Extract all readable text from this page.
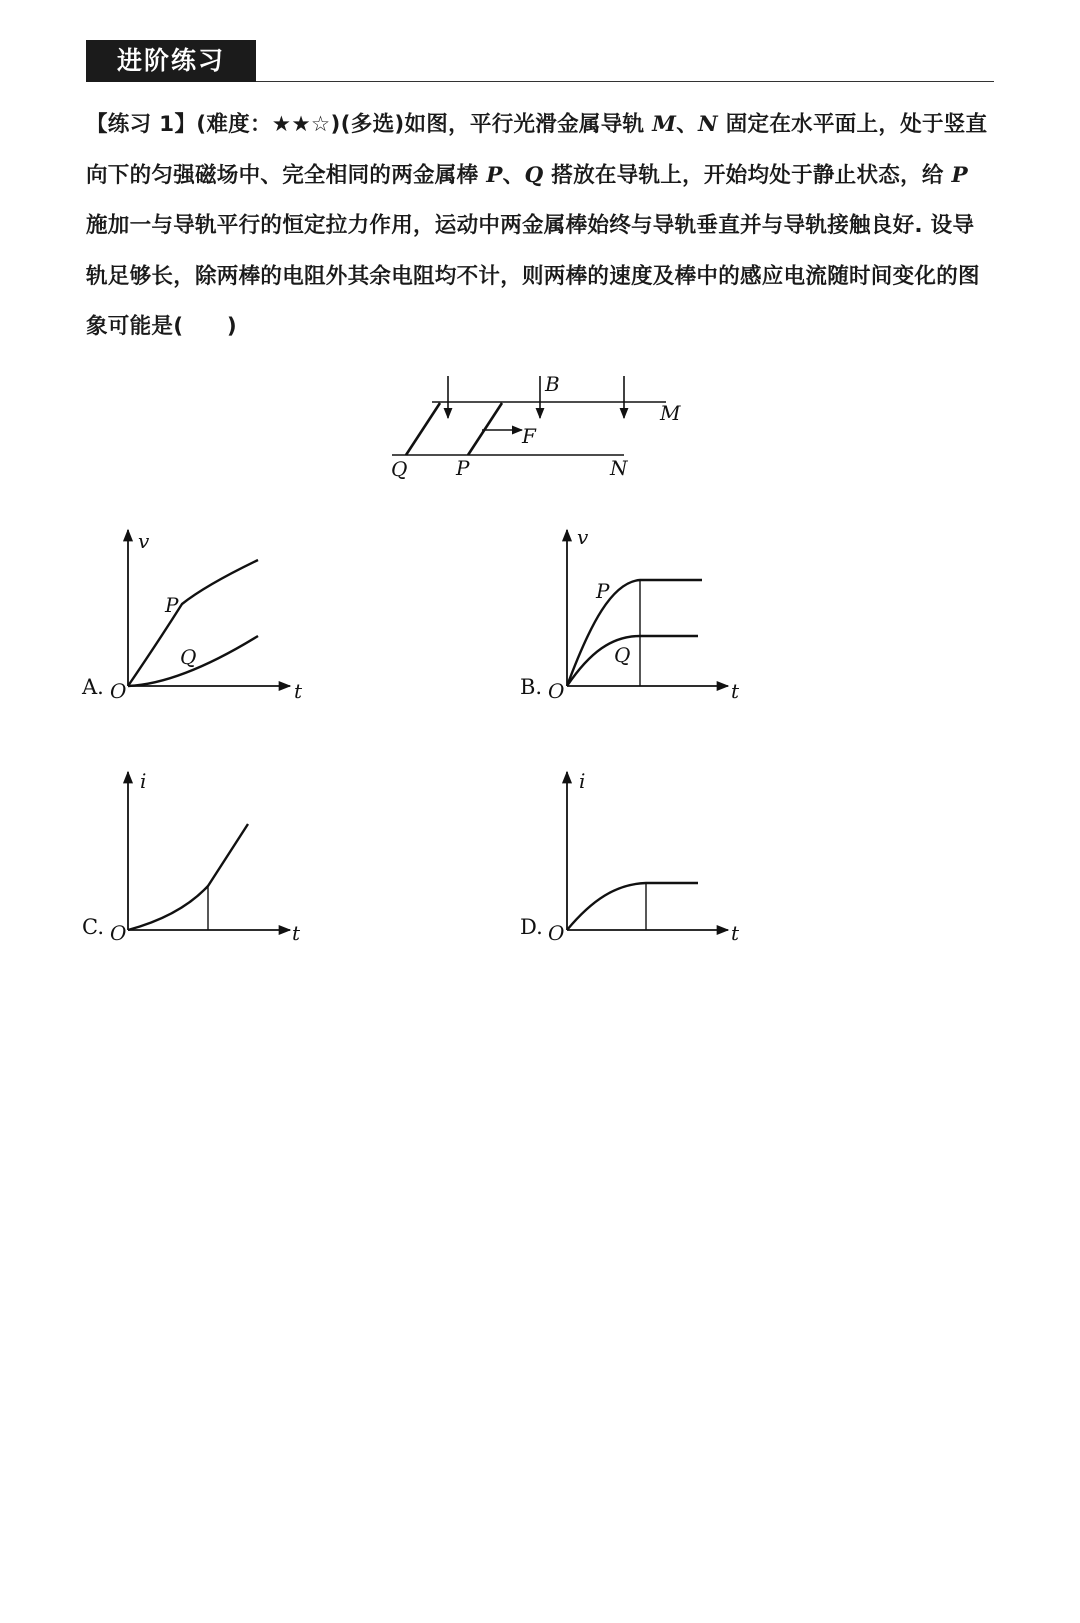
进阶练习
【练习 1】(难度：★★☆)(多选)如图，平行光滑金属导轨 M、N 固定在水平面上，处于竖直向下的匀强磁场中、完全相同的两金属棒 P、Q 搭放在导轨上，开始均处于静止状态，给 P 施加一与导轨平行的恒定拉力作用，运动中两金属棒始终与导轨垂直并与导轨接触良好. 设导轨足够长，除两棒的电阻外其余电阻均不计，则两棒的速度及棒中的感应电流随时间变化的图象可能是(　　)
B
M
F
Q P	N
A. O
v
t
P
Q
B. O
v
t
P
Q
C. O
i
t	D. O
i
t
